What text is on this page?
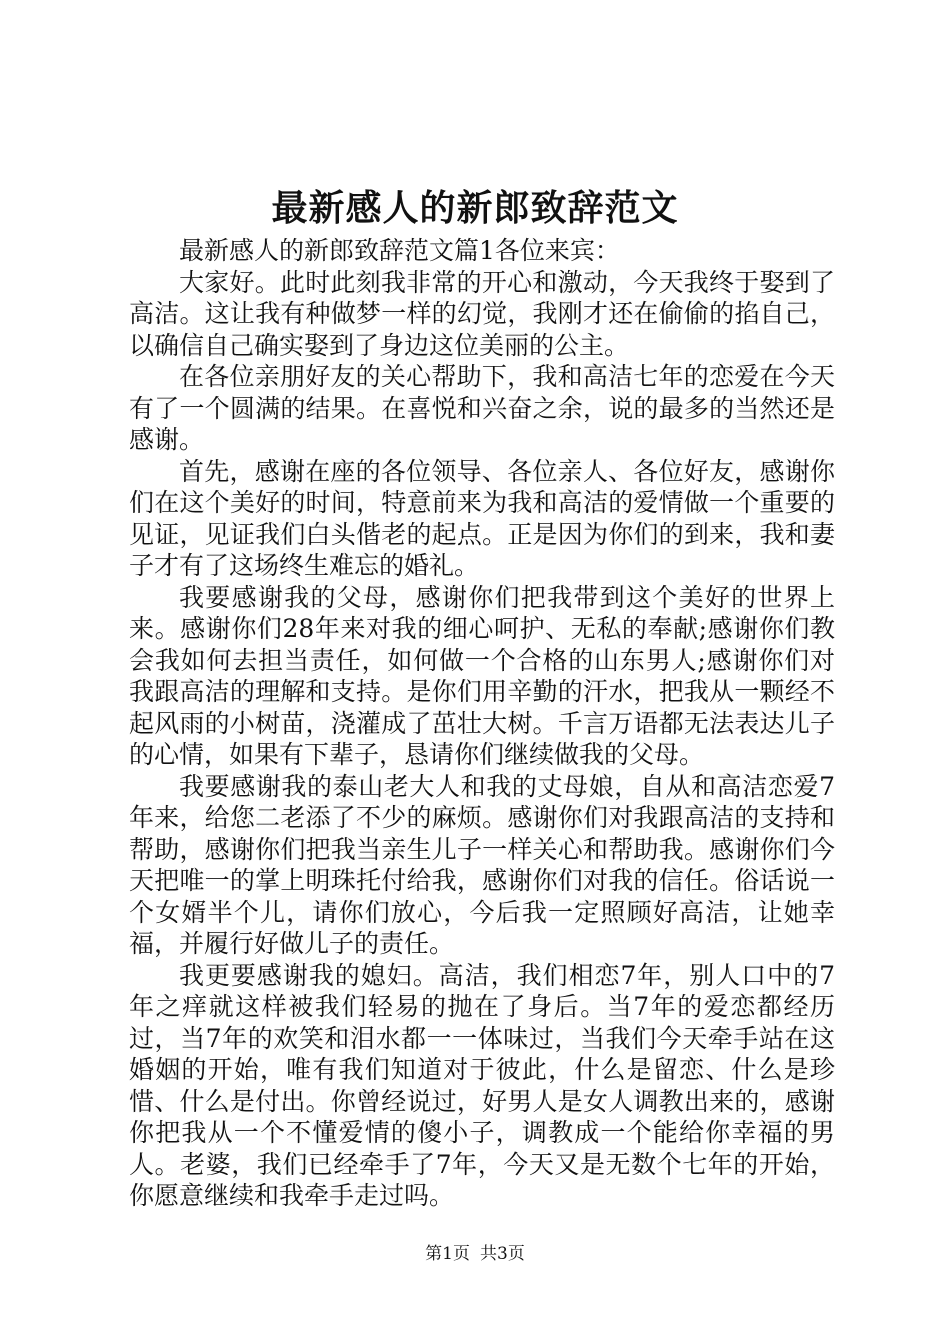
最新感人的新郎致辞范文

最新感人的新郎致辞范文篇1各位来宾：

大家好。此时此刻我非常的开心和激动，今天我终于娶到了高洁。这让我有种做梦一样的幻觉，我刚才还在偷偷的掐自己，以确信自己确实娶到了身边这位美丽的公主。

在各位亲朋好友的关心帮助下，我和高洁七年的恋爱在今天有了一个圆满的结果。在喜悦和兴奋之余，说的最多的当然还是感谢。

首先，感谢在座的各位领导、各位亲人、各位好友，感谢你们在这个美好的时间，特意前来为我和高洁的爱情做一个重要的见证，见证我们白头偕老的起点。正是因为你们的到来，我和妻子才有了这场终生难忘的婚礼。

我要感谢我的父母，感谢你们把我带到这个美好的世界上来。感谢你们28年来对我的细心呵护、无私的奉献;感谢你们教会我如何去担当责任，如何做一个合格的山东男人;感谢你们对我跟高洁的理解和支持。是你们用辛勤的汗水，把我从一颗经不起风雨的小树苗，浇灌成了茁壮大树。千言万语都无法表达儿子的心情，如果有下辈子，恳请你们继续做我的父母。

我要感谢我的泰山老大人和我的丈母娘，自从和高洁恋爱7年来，给您二老添了不少的麻烦。感谢你们对我跟高洁的支持和帮助，感谢你们把我当亲生儿子一样关心和帮助我。感谢你们今天把唯一的掌上明珠托付给我，感谢你们对我的信任。俗话说一个女婿半个儿，请你们放心，今后我一定照顾好高洁，让她幸福，并履行好做儿子的责任。

我更要感谢我的媳妇。高洁，我们相恋7年，别人口中的7年之痒就这样被我们轻易的抛在了身后。当7年的爱恋都经历过，当7年的欢笑和泪水都一一体味过，当我们今天牵手站在这婚姻的开始，唯有我们知道对于彼此，什么是留恋、什么是珍惜、什么是付出。你曾经说过，好男人是女人调教出来的，感谢你把我从一个不懂爱情的傻小子，调教成一个能给你幸福的男人。老婆，我们已经牵手了7年，今天又是无数个七年的开始，你愿意继续和我牵手走过吗。

第1页 共3页
